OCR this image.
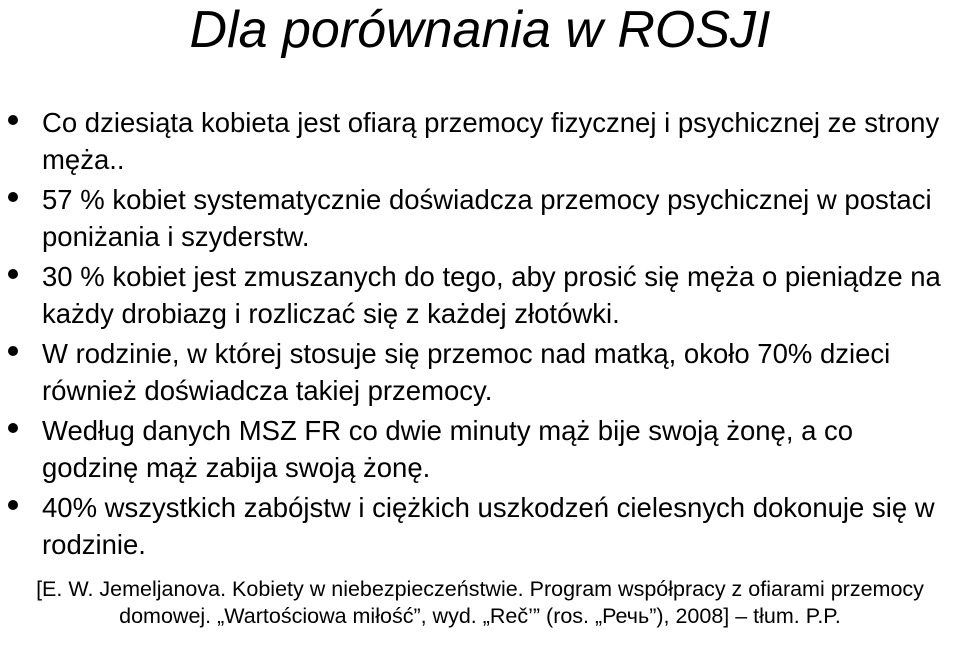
Dla porównania w ROSJI
Co dziesiąta kobieta jest ofiarą przemocy fizycznej i psychicznej ze strony męża..
57 % kobiet systematycznie doświadcza przemocy psychicznej w postaci poniżania i szyderstw.
30 % kobiet jest zmuszanych do tego, aby prosić się męża o pieniądze na każdy drobiazg i rozliczać się z każdej złotówki.
W rodzinie, w której stosuje się przemoc nad matką, około 70% dzieci również doświadcza takiej przemocy.
Według danych MSZ FR co dwie minuty mąż bije swoją żonę, a co godzinę mąż zabija swoją żonę.
40% wszystkich zabójstw i ciężkich uszkodzeń cielesnych dokonuje się w rodzinie.
[E. W. Jemeljanova. Kobiety w niebezpieczeństwie. Program współpracy z ofiarami przemocy domowej. „Wartościowa miłość”, wyd. „Reč’” (ros. „Речь”), 2008] – tłum. P.P.
